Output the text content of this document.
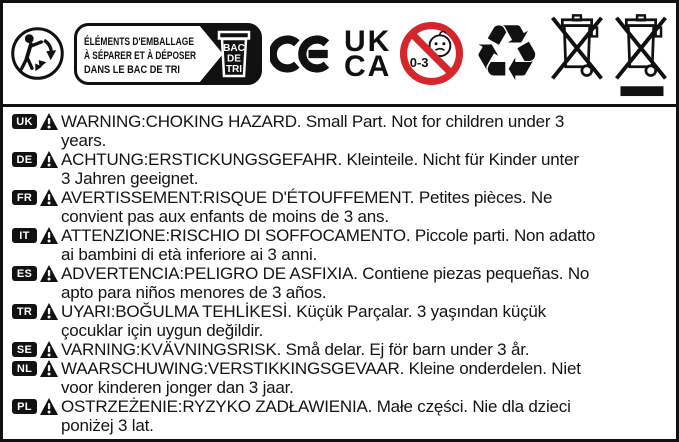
ÉLÉMENTS D'EMBALLAGE
À SÉPARER ET À DÉPOSER
DANS LE BAC DE TRI
BAC
DE
TRI
UK
CA 0-3 ♻
UK WARNING:CHOKING HAZARD. Small Part. Not for children under 3
years.
DE ACHTUNG:ERSTICKUNGSGEFAHR. Kleinteile. Nicht für Kinder unter
3 Jahren geeignet.
FR AVERTISSEMENT:RISQUE D'ÉTOUFFEMENT. Petites pièces. Ne
convient pas aux enfants de moins de 3 ans.
IT	ATTENZIONE:RISCHIO DI SOFFOCAMENTO. Piccole parti. Non adatto
ai bambini di età inferiore ai 3 anni.
ES ADVERTENCIA:PELIGRO DE ASFIXIA. Contiene piezas pequeñas. No
apto para niños menores de 3 años.
TR UYARI:BOĞULMA TEHLİKESİ. Küçük Parçalar. 3 yaşından küçük
çocuklar için uygun değildir.
SE VARNING:KVÄVNINGSRISK. Små delar. Ej för barn under 3 år.
NL WAARSCHUWING:VERSTIKKINGSGEVAAR. Kleine onderdelen. Niet
voor kinderen jonger dan 3 jaar.
PL	OSTRZEŻENIE:RYZYKO ZADŁAWIENIA. Małe części. Nie dla dzieci
poniżej 3 lat.
